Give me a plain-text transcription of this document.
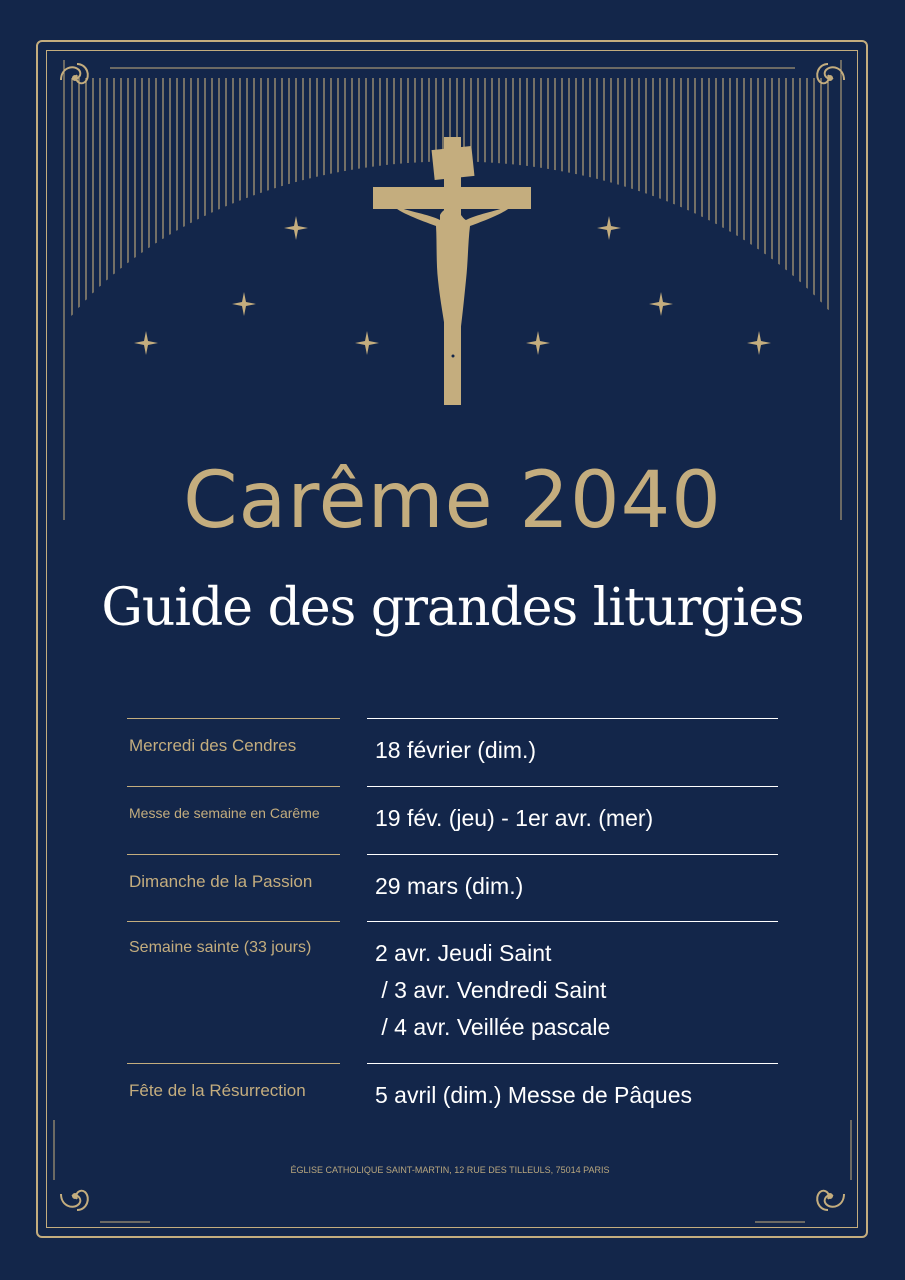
Carême 2040
Guide des grandes liturgies
Mercredi des Cendres	18 février (dim.)
Messe de semaine en Carême 19 fév. (jeu) - 1er avr. (mer)
Dimanche de la Passion	29 mars (dim.)
Semaine sainte (33 jours)	2 avr. Jeudi Saint
/ 3 avr. Vendredi Saint
/ 4 avr. Veillée pascale
Fête de la Résurrection	5 avril (dim.) Messe de Pâques
ÉGLISE CATHOLIQUE SAINT-MARTIN, 12 RUE DES TILLEULS, 75014 PARIS
